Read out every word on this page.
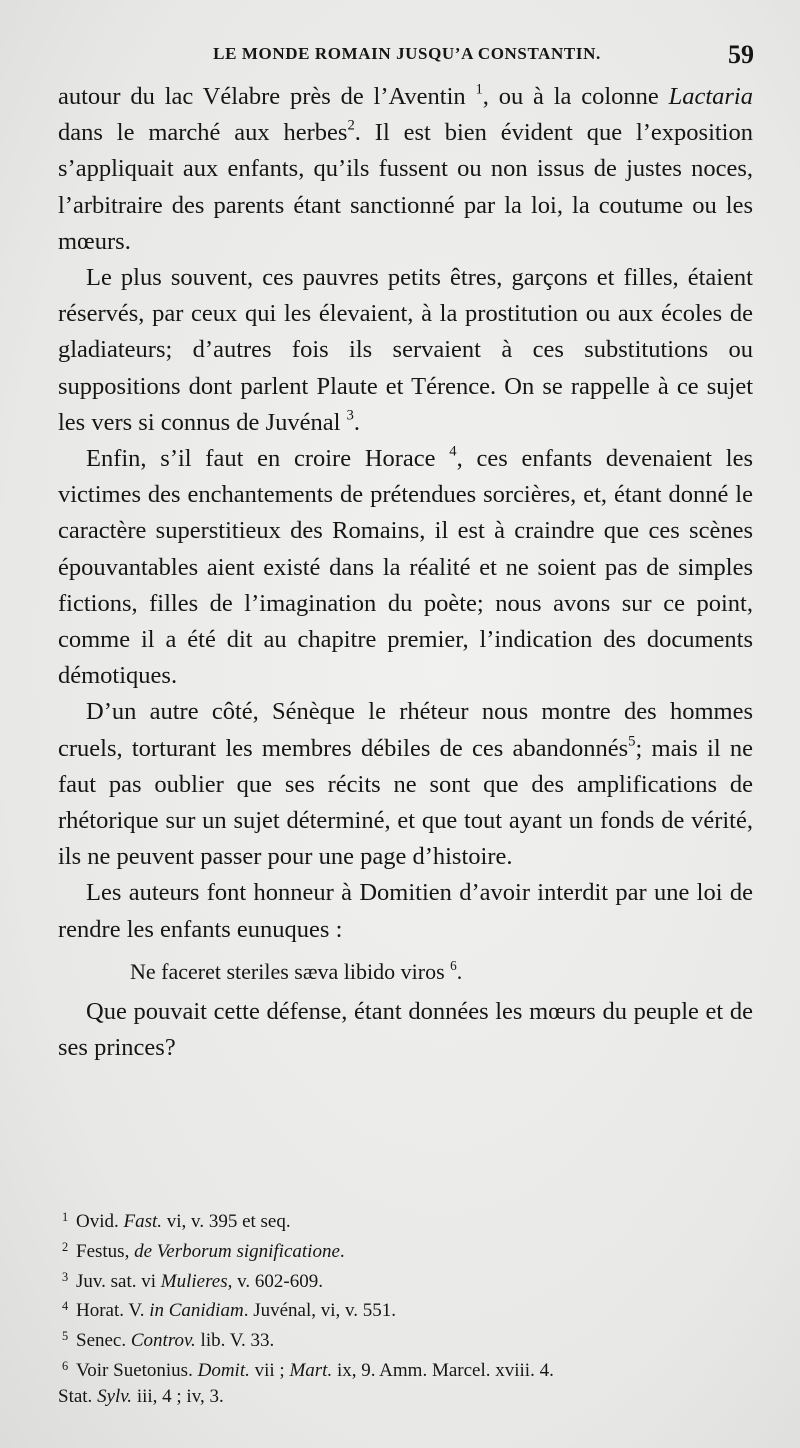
LE MONDE ROMAIN JUSQU’A CONSTANTIN.	59

autour du lac Vélabre près de l’Aventin $^1$, ou à la colonne Lactaria dans le marché aux herbes$^2$. Il est bien évident que l’exposition s’appliquait aux enfants, qu’ils fussent ou non issus de justes noces, l’arbitraire des parents étant sanctionné par la loi, la coutume ou les mœurs.

Le plus souvent, ces pauvres petits êtres, garçons et filles, étaient réservés, par ceux qui les élevaient, à la prostitution ou aux écoles de gladiateurs; d’autres fois ils servaient à ces substitutions ou suppositions dont parlent Plaute et Térence. On se rappelle à ce sujet les vers si connus de Juvénal $^3$.

Enfin, s’il faut en croire Horace $^4$, ces enfants devenaient les victimes des enchantements de prétendues sorcières, et, étant donné le caractère superstitieux des Romains, il est à craindre que ces scènes épouvantables aient existé dans la réalité et ne soient pas de simples fictions, filles de l’imagination du poète; nous avons sur ce point, comme il a été dit au chapitre premier, l’indication des documents démotiques.

D’un autre côté, Sénèque le rhéteur nous montre des hommes cruels, torturant les membres débiles de ces abandonnés$^5$; mais il ne faut pas oublier que ses récits ne sont que des amplifications de rhétorique sur un sujet déterminé, et que tout ayant un fonds de vérité, ils ne peuvent passer pour une page d’histoire.

Les auteurs font honneur à Domitien d’avoir interdit par une loi de rendre les enfants eunuques :

Ne faceret steriles sæva libido viros $^6$.

Que pouvait cette défense, étant données les mœurs du peuple et de ses princes?

1 Ovid. Fast. vi, v. 395 et seq.
2 Festus, de Verborum significatione.
3 Juv. sat. vi Mulieres, v. 602-609.
4 Horat. V. in Canidiam. Juvénal, vi, v. 551.
5 Senec. Controv. lib. V. 33.
6 Voir Suetonius. Domit. vii ; Mart. ix, 9. Amm. Marcel. xviii. 4.
Stat. Sylv. iii, 4 ; iv, 3.
